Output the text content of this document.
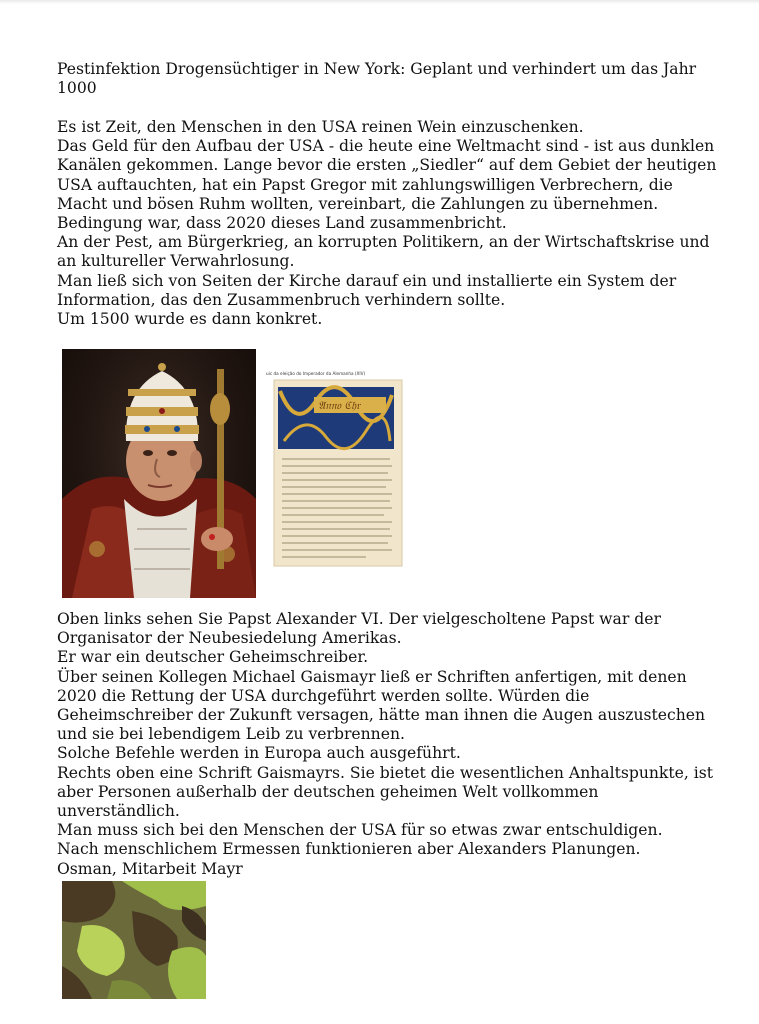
Pestinfektion Drogensüchtiger in New York: Geplant und verhindert um das Jahr 1000

Es ist Zeit, den Menschen in den USA reinen Wein einzuschenken.

Das Geld für den Aufbau der USA - die heute eine Weltmacht sind - ist aus dunklen Kanälen gekommen. Lange bevor die ersten „Siedler“ auf dem Gebiet der heutigen USA auftauchten, hat ein Papst Gregor mit zahlungswilligen Verbrechern, die Macht und bösen Ruhm wollten, vereinbart, die Zahlungen zu übernehmen.

Bedingung war, dass 2020 dieses Land zusammenbricht.

An der Pest, am Bürgerkrieg, an korrupten Politikern, an der Wirtschaftskrise und an kultureller Verwahrlosung.

Man ließ sich von Seiten der Kirche darauf ein und installierte ein System der Information, das den Zusammenbruch verhindern sollte.

Um 1500 wurde es dann konkret.

uic da eleição do Imperador da Alemanha (XIV)
𝔄𝔫𝔫𝔬 ℭ𝔥𝔯

Oben links sehen Sie Papst Alexander VI. Der vielgescholtene Papst war der Organisator der Neubesiedelung Amerikas.

Er war ein deutscher Geheimschreiber.

Über seinen Kollegen Michael Gaismayr ließ er Schriften anfertigen, mit denen 2020 die Rettung der USA durchgeführt werden sollte. Würden die Geheimschreiber der Zukunft versagen, hätte man ihnen die Augen auszustechen und sie bei lebendigem Leib zu verbrennen.

Solche Befehle werden in Europa auch ausgeführt.

Rechts oben eine Schrift Gaismayrs. Sie bietet die wesentlichen Anhaltspunkte, ist aber Personen außerhalb der deutschen geheimen Welt vollkommen unverständlich.

Man muss sich bei den Menschen der USA für so etwas zwar entschuldigen.

Nach menschlichem Ermessen funktionieren aber Alexanders Planungen.

Osman, Mitarbeit Mayr
